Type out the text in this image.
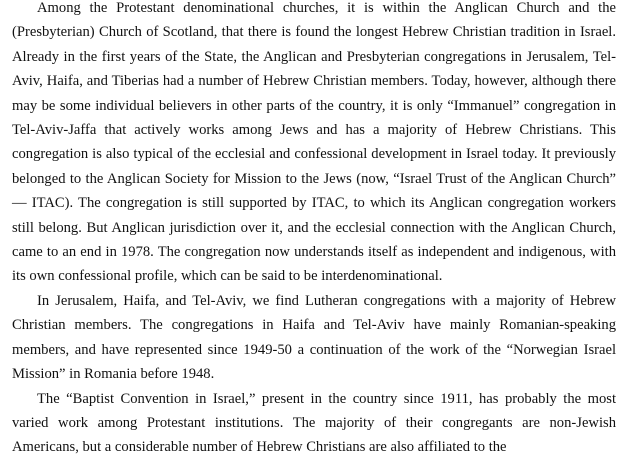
Among the Protestant denominational churches, it is within the Anglican Church and the (Presbyterian) Church of Scotland, that there is found the longest Hebrew Christian tradition in Israel. Already in the first years of the State, the Anglican and Presbyterian congregations in Jerusalem, Tel-Aviv, Haifa, and Tiberias had a number of Hebrew Christian members. Today, however, although there may be some individual believers in other parts of the country, it is only “Immanuel” congregation in Tel-Aviv-Jaffa that actively works among Jews and has a majority of Hebrew Christians. This congregation is also typical of the ecclesial and confessional development in Israel today. It previously belonged to the Anglican Society for Mission to the Jews (now, “Israel Trust of the Anglican Church” — ITAC). The congregation is still supported by ITAC, to which its Anglican congregation workers still belong. But Anglican jurisdiction over it, and the ecclesial connection with the Anglican Church, came to an end in 1978. The congregation now understands itself as independent and indigenous, with its own confessional profile, which can be said to be interdenominational.

In Jerusalem, Haifa, and Tel-Aviv, we find Lutheran congregations with a majority of Hebrew Christian members. The congregations in Haifa and Tel-Aviv have mainly Romanian-speaking members, and have represented since 1949-50 a continuation of the work of the “Norwegian Israel Mission” in Romania before 1948.

The “Baptist Convention in Israel,” present in the country since 1911, has probably the most varied work among Protestant institutions. The majority of their congregants are non-Jewish Americans, but a considerable number of Hebrew Christians are also affiliated to the
